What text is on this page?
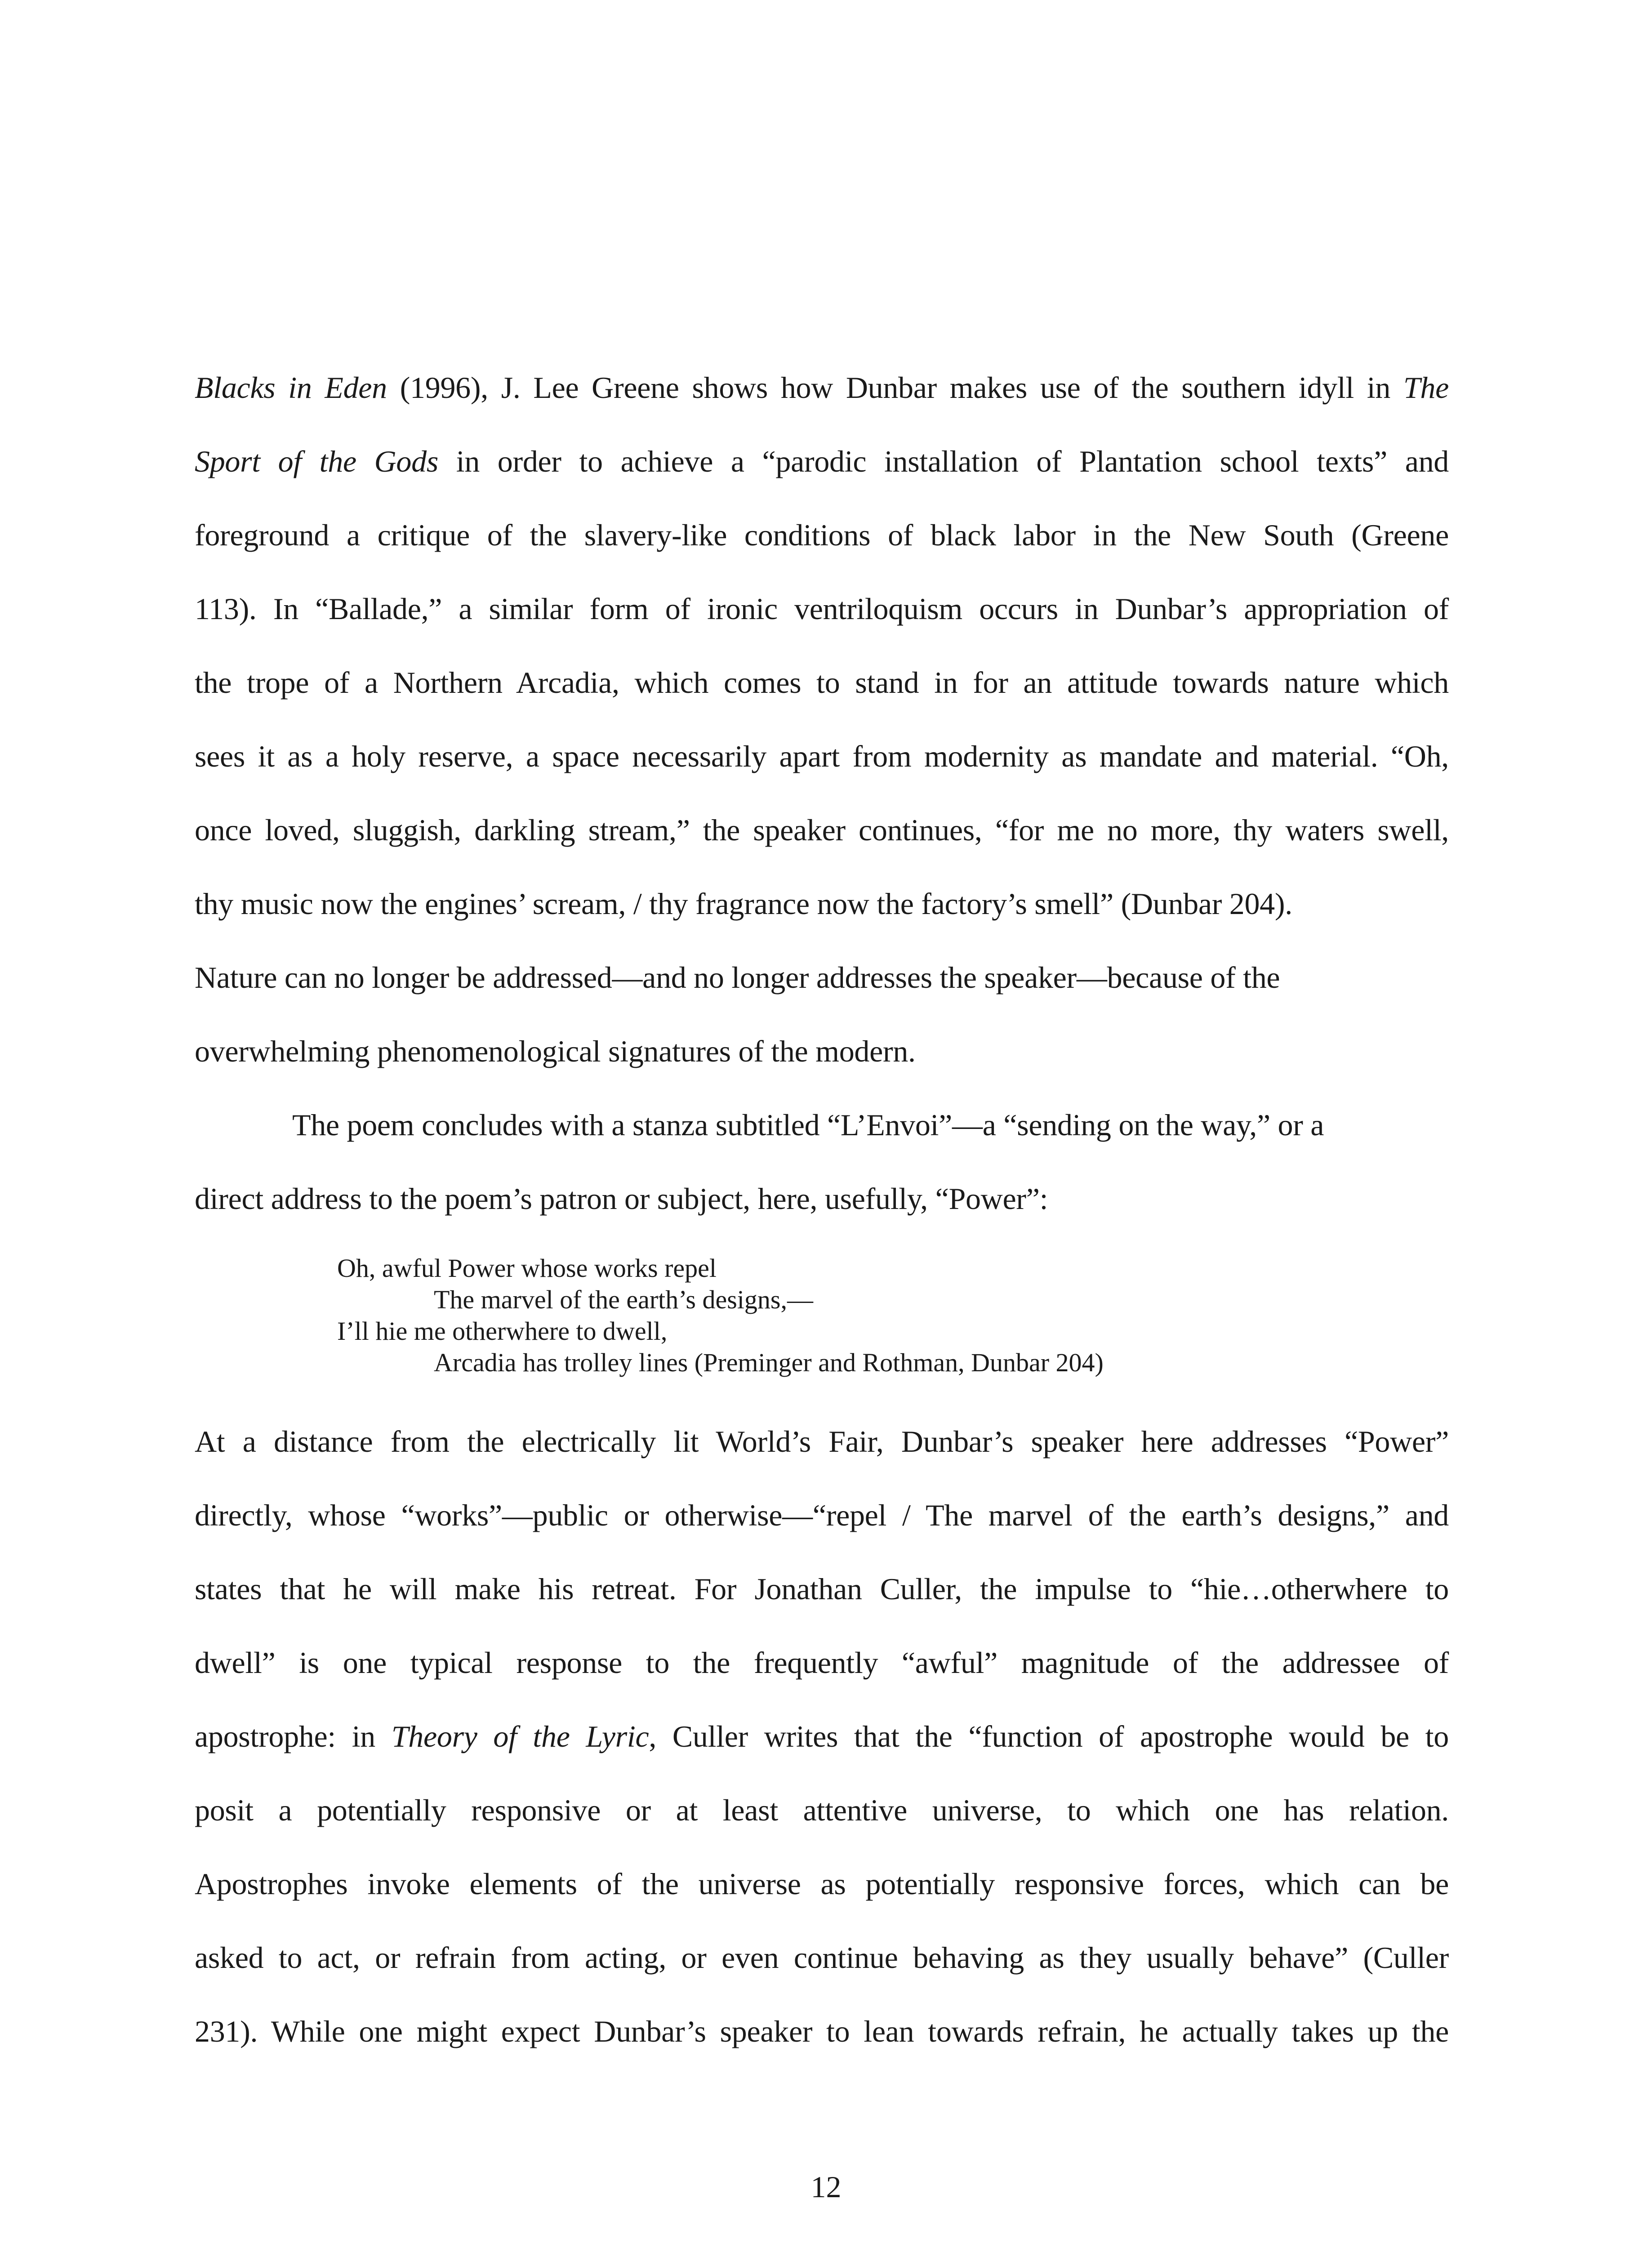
Blacks in Eden (1996), J. Lee Greene shows how Dunbar makes use of the southern idyll in The
Sport of the Gods in order to achieve a “parodic installation of Plantation school texts” and
foreground a critique of the slavery-like conditions of black labor in the New South (Greene
113). In “Ballade,” a similar form of ironic ventriloquism occurs in Dunbar’s appropriation of
the trope of a Northern Arcadia, which comes to stand in for an attitude towards nature which
sees it as a holy reserve, a space necessarily apart from modernity as mandate and material. “Oh,
once loved, sluggish, darkling stream,” the speaker continues, “for me no more, thy waters swell,
thy music now the engines’ scream, / thy fragrance now the factory’s smell” (Dunbar 204).
Nature can no longer be addressed—and no longer addresses the speaker—because of the
overwhelming phenomenological signatures of the modern.
The poem concludes with a stanza subtitled “L’Envoi”—a “sending on the way,” or a
direct address to the poem’s patron or subject, here, usefully, “Power”:
Oh, awful Power whose works repel
The marvel of the earth’s designs,—
I’ll hie me otherwhere to dwell,
Arcadia has trolley lines (Preminger and Rothman, Dunbar 204)
At a distance from the electrically lit World’s Fair, Dunbar’s speaker here addresses “Power”
directly, whose “works”—public or otherwise—“repel / The marvel of the earth’s designs,” and
states that he will make his retreat. For Jonathan Culler, the impulse to “hie…otherwhere to
dwell” is one typical response to the frequently “awful” magnitude of the addressee of
apostrophe: in Theory of the Lyric, Culler writes that the “function of apostrophe would be to
posit a potentially responsive or at least attentive universe, to which one has relation.
Apostrophes invoke elements of the universe as potentially responsive forces, which can be
asked to act, or refrain from acting, or even continue behaving as they usually behave” (Culler
231). While one might expect Dunbar’s speaker to lean towards refrain, he actually takes up the
12
